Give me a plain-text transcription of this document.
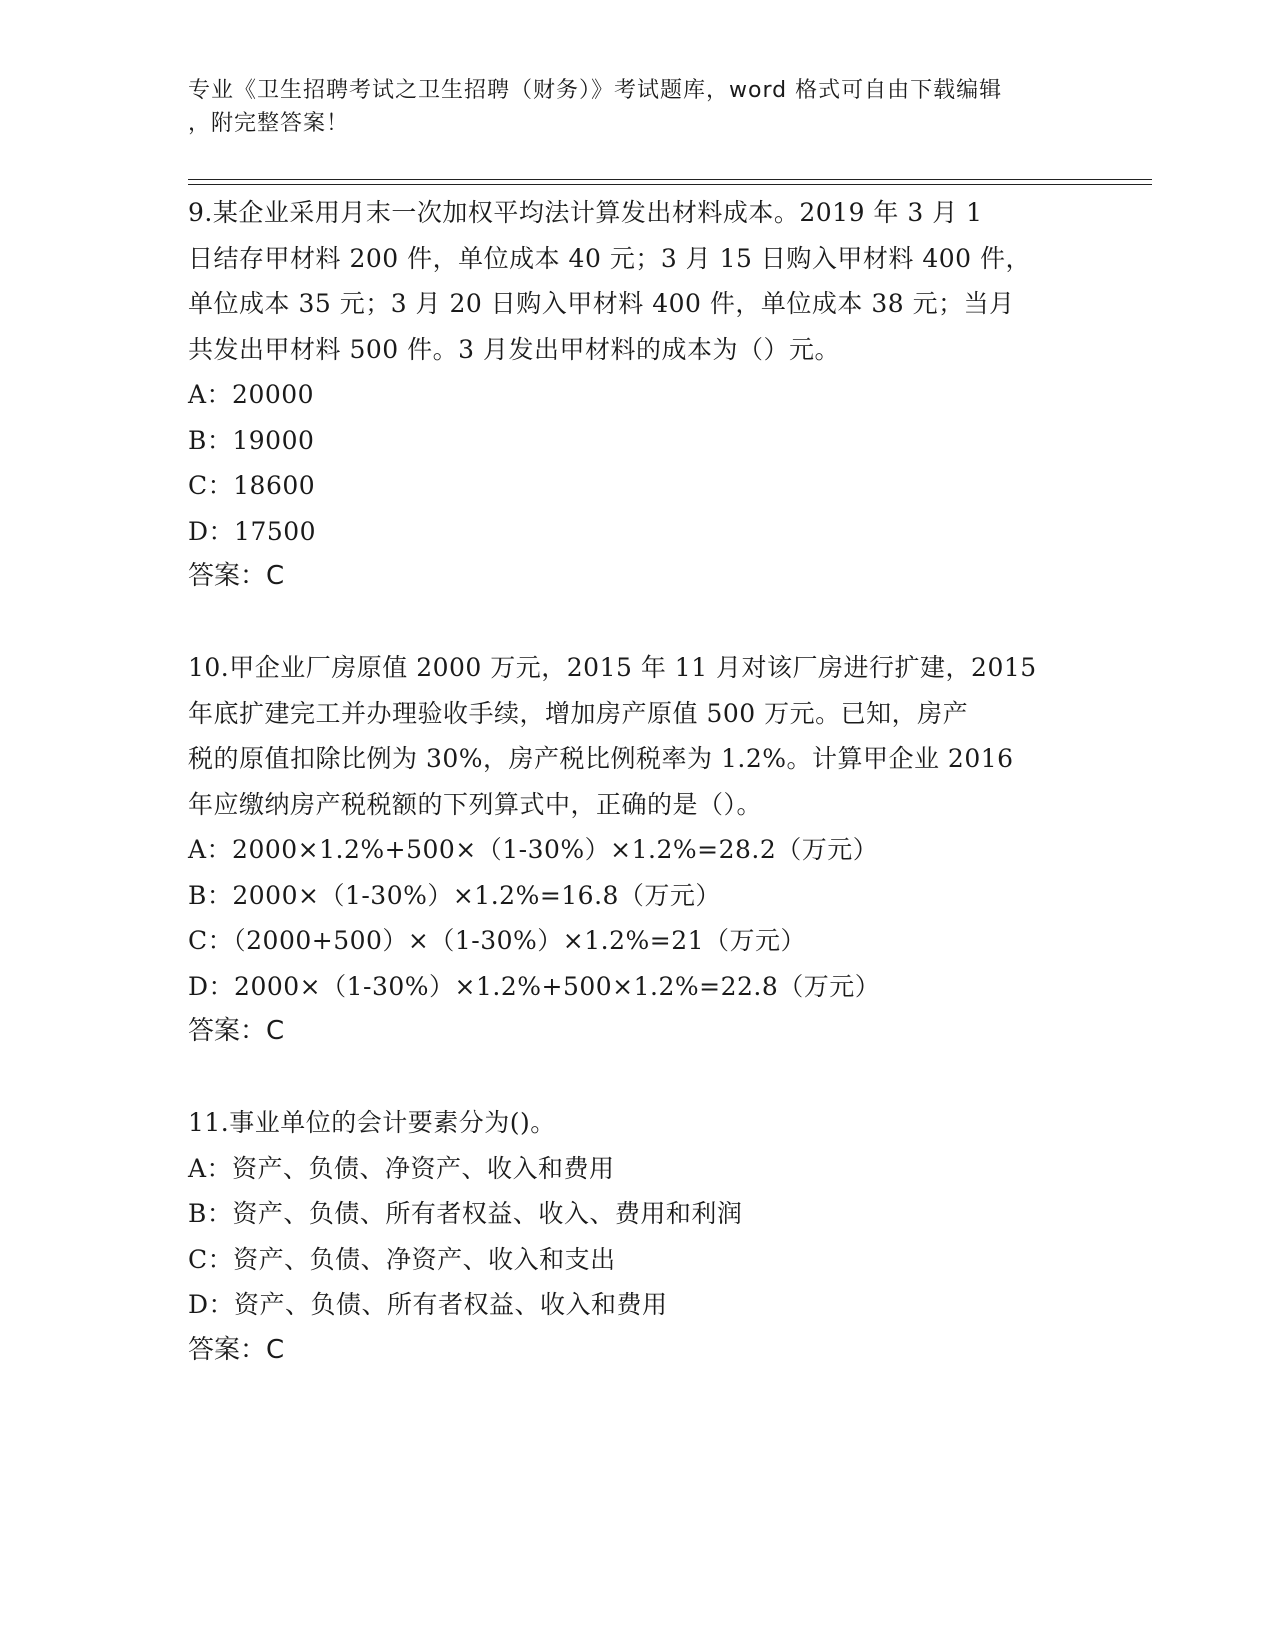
专业《卫生招聘考试之卫生招聘（财务）》考试题库，word 格式可自由下载编辑
，附完整答案！
9.某企业采用月末一次加权平均法计算发出材料成本。2019 年 3 月 1
日结存甲材料 200 件，单位成本 40 元；3 月 15 日购入甲材料 400 件，
单位成本 35 元；3 月 20 日购入甲材料 400 件，单位成本 38 元；当月
共发出甲材料 500 件。3 月发出甲材料的成本为（）元。
A：20000
B：19000
C：18600
D：17500
答案：C
10.甲企业厂房原值 2000 万元，2015 年 11 月对该厂房进行扩建，2015
年底扩建完工并办理验收手续，增加房产原值 500 万元。已知，房产
税的原值扣除比例为 30%，房产税比例税率为 1.2%。计算甲企业 2016
年应缴纳房产税税额的下列算式中，正确的是（）。
A：2000×1.2%+500×（1-30%）×1.2%=28.2（万元）
B：2000×（1-30%）×1.2%=16.8（万元）
C：（2000+500）×（1-30%）×1.2%=21（万元）
D：2000×（1-30%）×1.2%+500×1.2%=22.8（万元）
答案：C
11.事业单位的会计要素分为()。
A：资产、负债、净资产、收入和费用
B：资产、负债、所有者权益、收入、费用和利润
C：资产、负债、净资产、收入和支出
D：资产、负债、所有者权益、收入和费用
答案：C
